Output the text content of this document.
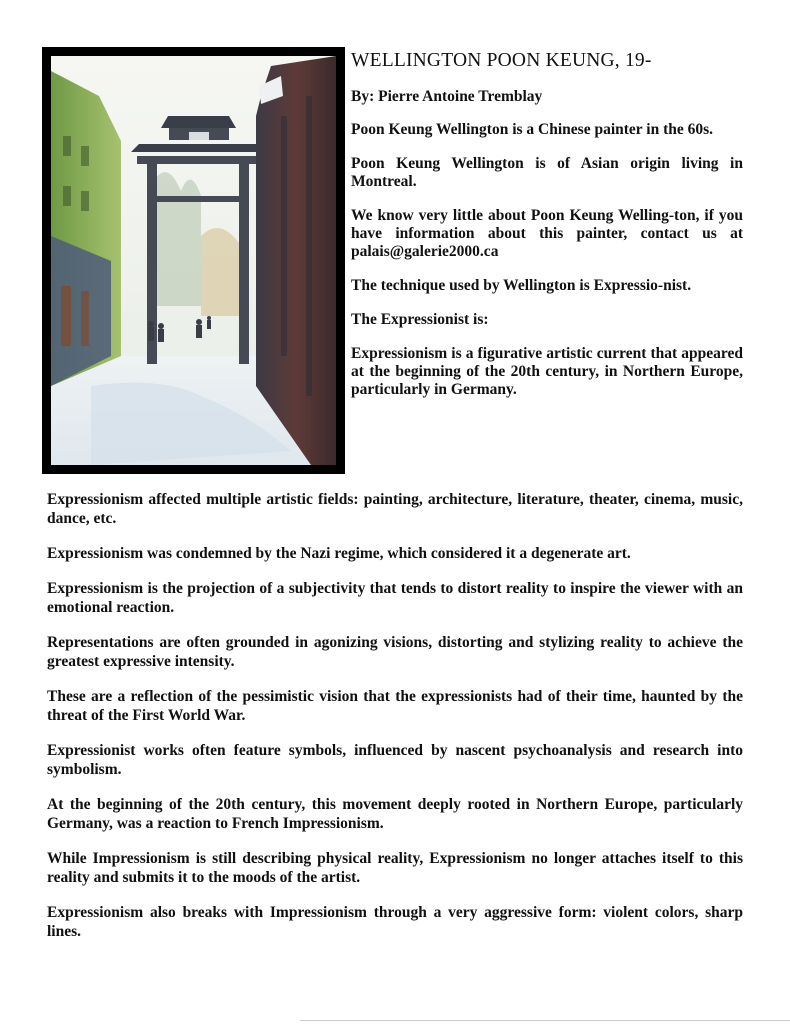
WELLINGTON POON KEUNG, 19-

By: Pierre Antoine Tremblay

Poon Keung Wellington is a Chinese painter in the 60s.

Poon Keung Wellington is of Asian origin living in Montreal.

We know very little about Poon Keung Welling-ton, if you have information about this painter, contact us at palais@galerie2000.ca

The technique used by Wellington is Expressio-nist.

The Expressionist is:

Expressionism is a figurative artistic current that appeared at the beginning of the 20th century, in Northern Europe, particularly in Germany.

Expressionism affected multiple artistic fields: painting, architecture, literature, theater, cinema, music, dance, etc.

Expressionism was condemned by the Nazi regime, which considered it a degenerate art.

Expressionism is the projection of a subjectivity that tends to distort reality to inspire the viewer with an emotional reaction.

Representations are often grounded in agonizing visions, distorting and stylizing reality to achieve the greatest expressive intensity.

These are a reflection of the pessimistic vision that the expressionists had of their time, haunted by the threat of the First World War.

Expressionist works often feature symbols, influenced by nascent psychoanalysis and research into symbolism.

At the beginning of the 20th century, this movement deeply rooted in Northern Europe, particularly Germany, was a reaction to French Impressionism.

While Impressionism is still describing physical reality, Expressionism no longer attaches itself to this reality and submits it to the moods of the artist.

Expressionism also breaks with Impressionism through a very aggressive form: violent colors, sharp lines.
